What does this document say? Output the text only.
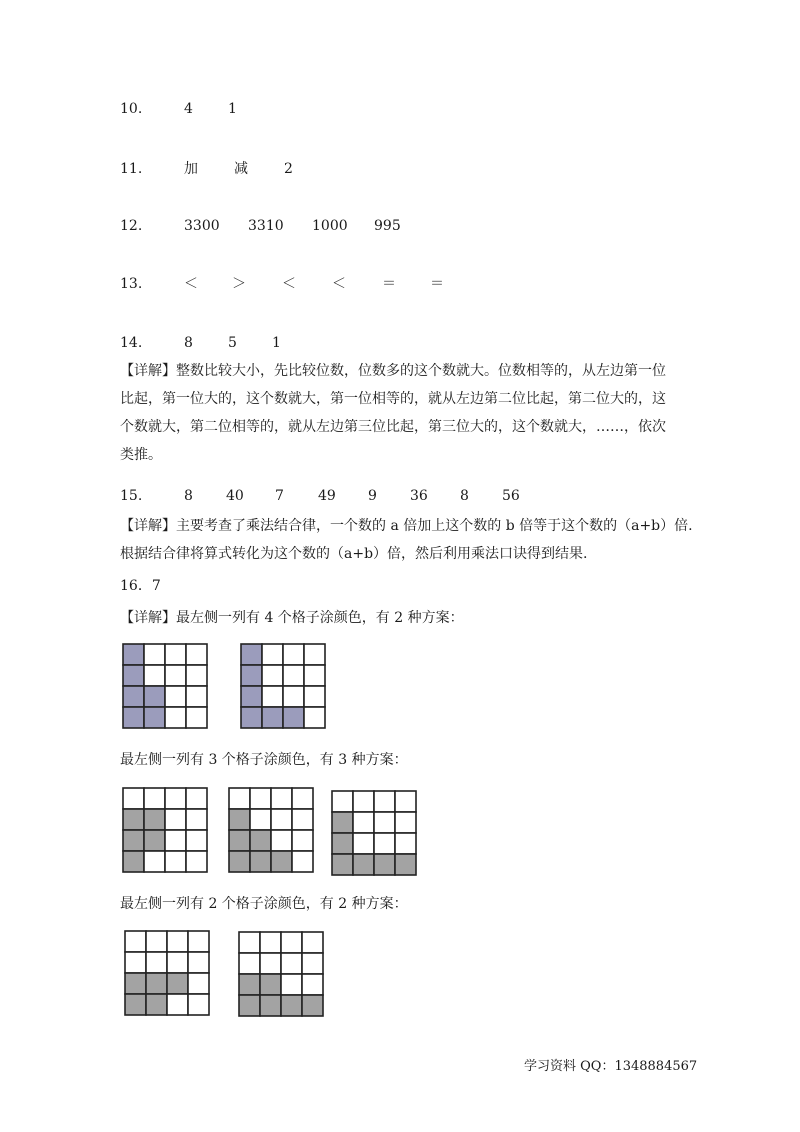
10.	4	1
11.	加	减	2
12.	3300 3310 1000 995
13.	＜ ＞	＜	＜	＝ ＝
14.	8	5	1
15.	8 40 7 49 9 36 8 56
【详解】整数比较大小，先比较位数，位数多的这个数就大。位数相等的，从左边第一位
比起，第一位大的，这个数就大，第一位相等的，就从左边第二位比起，第二位大的，这
个数就大，第二位相等的，就从左边第三位比起，第三位大的，这个数就大，……，依次
类推。
【详解】主要考查了乘法结合律，一个数的 a 倍加上这个数的 b 倍等于这个数的（a+b）倍.
根据结合律将算式转化为这个数的（a+b）倍，然后利用乘法口诀得到结果.
16．7
【详解】最左侧一列有 4 个格子涂颜色，有 2 种方案：
最左侧一列有 3 个格子涂颜色，有 3 种方案：
最左侧一列有 2 个格子涂颜色，有 2 种方案：
学习资料 QQ：1348884567
